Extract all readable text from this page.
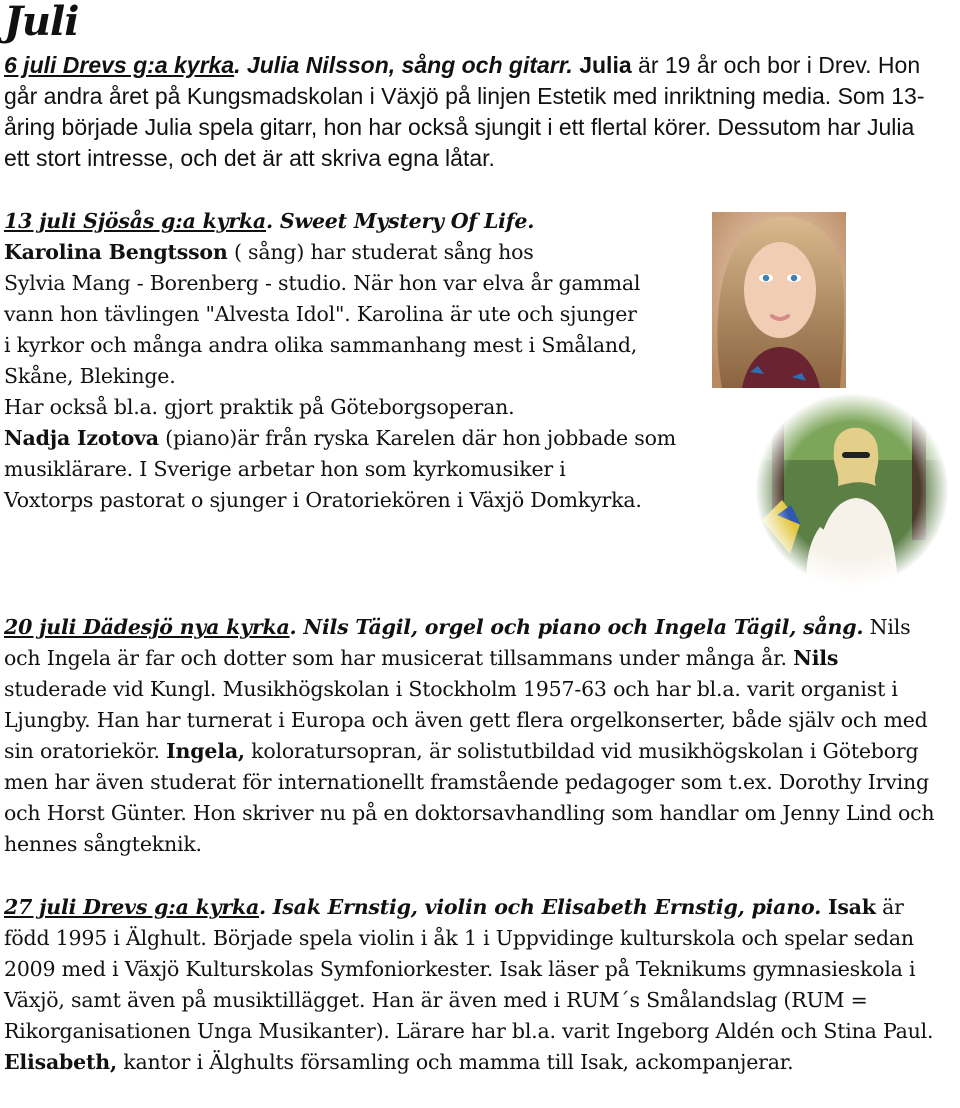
Juli

6 juli Drevs g:a kyrka. Julia Nilsson, sång och gitarr. Julia är 19 år och bor i Drev. Hon går andra året på Kungsmadskolan i Växjö på linjen Estetik med inriktning media. Som 13-åring började Julia spela gitarr, hon har också sjungit i ett flertal körer. Dessutom har Julia ett stort intresse, och det är att skriva egna låtar.

13 juli Sjösås g:a kyrka. Sweet Mystery Of Life.

Karolina Bengtsson ( sång) har studerat sång hos

Sylvia Mang - Borenberg - studio. När hon var elva år gammal

vann hon tävlingen "Alvesta Idol". Karolina är ute och sjunger

i kyrkor och många andra olika sammanhang mest i Småland,

Skåne, Blekinge.

Har också bl.a. gjort praktik på Göteborgsoperan.

Nadja Izotova (piano)är från ryska Karelen där hon jobbade som

musiklärare. I Sverige arbetar hon som kyrkomusiker i

Voxtorps pastorat o sjunger i Oratoriekören i Växjö Domkyrka.

20 juli Dädesjö nya kyrka. Nils Tägil, orgel och piano och Ingela Tägil, sång. Nils och Ingela är far och dotter som har musicerat tillsammans under många år. Nils studerade vid Kungl. Musikhögskolan i Stockholm 1957-63 och har bl.a. varit organist i Ljungby. Han har turnerat i Europa och även gett flera orgelkonserter, både själv och med sin oratoriekör. Ingela, koloratursopran, är solistutbildad vid musikhögskolan i Göteborg men har även studerat för internationellt framstående pedagoger som t.ex. Dorothy Irving och Horst Günter. Hon skriver nu på en doktorsavhandling som handlar om Jenny Lind och hennes sångteknik.

27 juli Drevs g:a kyrka. Isak Ernstig, violin och Elisabeth Ernstig, piano. Isak är född 1995 i Älghult. Började spela violin i åk 1 i Uppvidinge kulturskola och spelar sedan 2009 med i Växjö Kulturskolas Symfoniorkester. Isak läser på Teknikums gymnasieskola i Växjö, samt även på musiktillägget. Han är även med i RUM´s Smålandslag (RUM = Rikorganisationen Unga Musikanter). Lärare har bl.a. varit Ingeborg Aldén och Stina Paul.

Elisabeth, kantor i Älghults församling och mamma till Isak, ackompanjerar.
